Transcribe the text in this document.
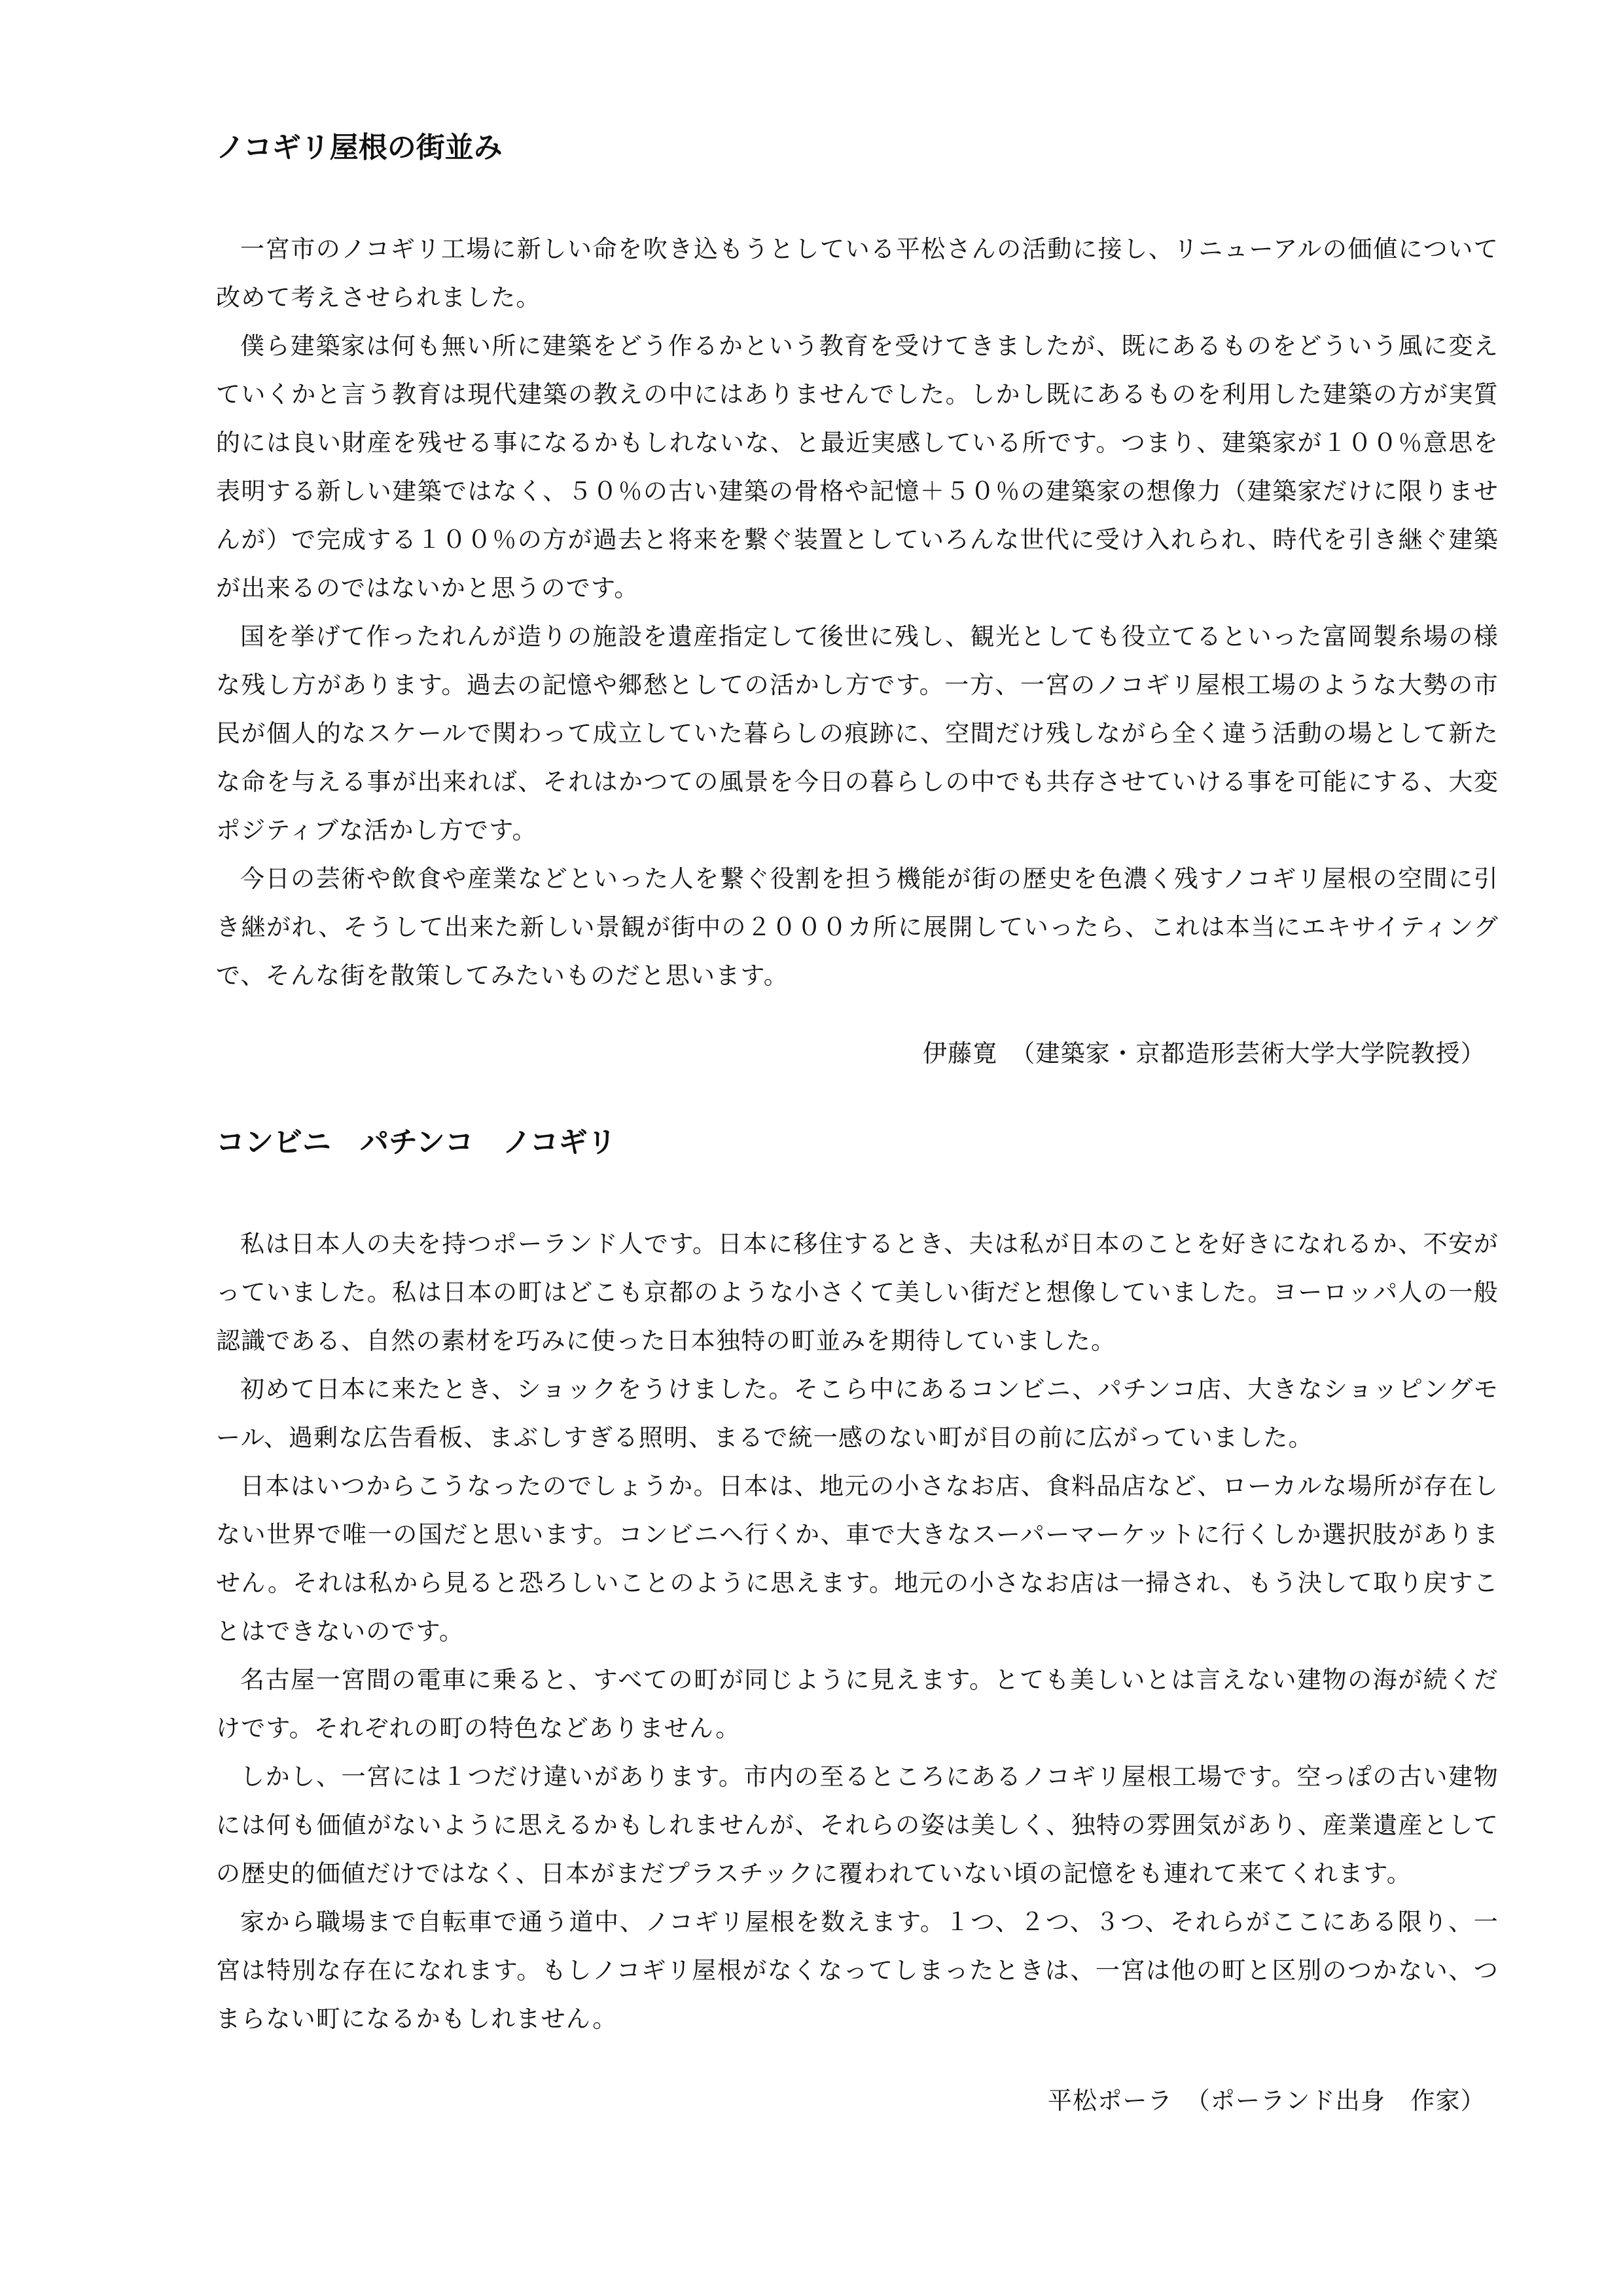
ノコギリ屋根の街並み

一宮市のノコギリ工場に新しい命を吹き込もうとしている平松さんの活動に接し、リニューアルの価値について改めて考えさせられました。

僕ら建築家は何も無い所に建築をどう作るかという教育を受けてきましたが、既にあるものをどういう風に変えていくかと言う教育は現代建築の教えの中にはありませんでした。しかし既にあるものを利用した建築の方が実質的には良い財産を残せる事になるかもしれないな、と最近実感している所です。つまり、建築家が１００％意思を表明する新しい建築ではなく、５０％の古い建築の骨格や記憶＋５０％の建築家の想像力（建築家だけに限りませんが）で完成する１００％の方が過去と将来を繋ぐ装置としていろんな世代に受け入れられ、時代を引き継ぐ建築が出来るのではないかと思うのです。

国を挙げて作ったれんが造りの施設を遺産指定して後世に残し、観光としても役立てるといった富岡製糸場の様な残し方があります。過去の記憶や郷愁としての活かし方です。一方、一宮のノコギリ屋根工場のような大勢の市民が個人的なスケールで関わって成立していた暮らしの痕跡に、空間だけ残しながら全く違う活動の場として新たな命を与える事が出来れば、それはかつての風景を今日の暮らしの中でも共存させていける事を可能にする、大変ポジティブな活かし方です。

今日の芸術や飲食や産業などといった人を繋ぐ役割を担う機能が街の歴史を色濃く残すノコギリ屋根の空間に引き継がれ、そうして出来た新しい景観が街中の２０００カ所に展開していったら、これは本当にエキサイティングで、そんな街を散策してみたいものだと思います。

伊藤寛　（建築家・京都造形芸術大学大学院教授）
コンビニ　パチンコ　ノコギリ

私は日本人の夫を持つポーランド人です。日本に移住するとき、夫は私が日本のことを好きになれるか、不安がっていました。私は日本の町はどこも京都のような小さくて美しい街だと想像していました。ヨーロッパ人の一般認識である、自然の素材を巧みに使った日本独特の町並みを期待していました。

初めて日本に来たとき、ショックをうけました。そこら中にあるコンビニ、パチンコ店、大きなショッピングモール、過剰な広告看板、まぶしすぎる照明、まるで統一感のない町が目の前に広がっていました。

日本はいつからこうなったのでしょうか。日本は、地元の小さなお店、食料品店など、ローカルな場所が存在しない世界で唯一の国だと思います。コンビニへ行くか、車で大きなスーパーマーケットに行くしか選択肢がありません。それは私から見ると恐ろしいことのように思えます。地元の小さなお店は一掃され、もう決して取り戻すことはできないのです。

名古屋一宮間の電車に乗ると、すべての町が同じように見えます。とても美しいとは言えない建物の海が続くだけです。それぞれの町の特色などありません。

しかし、一宮には１つだけ違いがあります。市内の至るところにあるノコギリ屋根工場です。空っぽの古い建物には何も価値がないように思えるかもしれませんが、それらの姿は美しく、独特の雰囲気があり、産業遺産としての歴史的価値だけではなく、日本がまだプラスチックに覆われていない頃の記憶をも連れて来てくれます。

家から職場まで自転車で通う道中、ノコギリ屋根を数えます。１つ、２つ、３つ、それらがここにある限り、一宮は特別な存在になれます。もしノコギリ屋根がなくなってしまったときは、一宮は他の町と区別のつかない、つまらない町になるかもしれません。

平松ポーラ　（ポーランド出身　作家）
